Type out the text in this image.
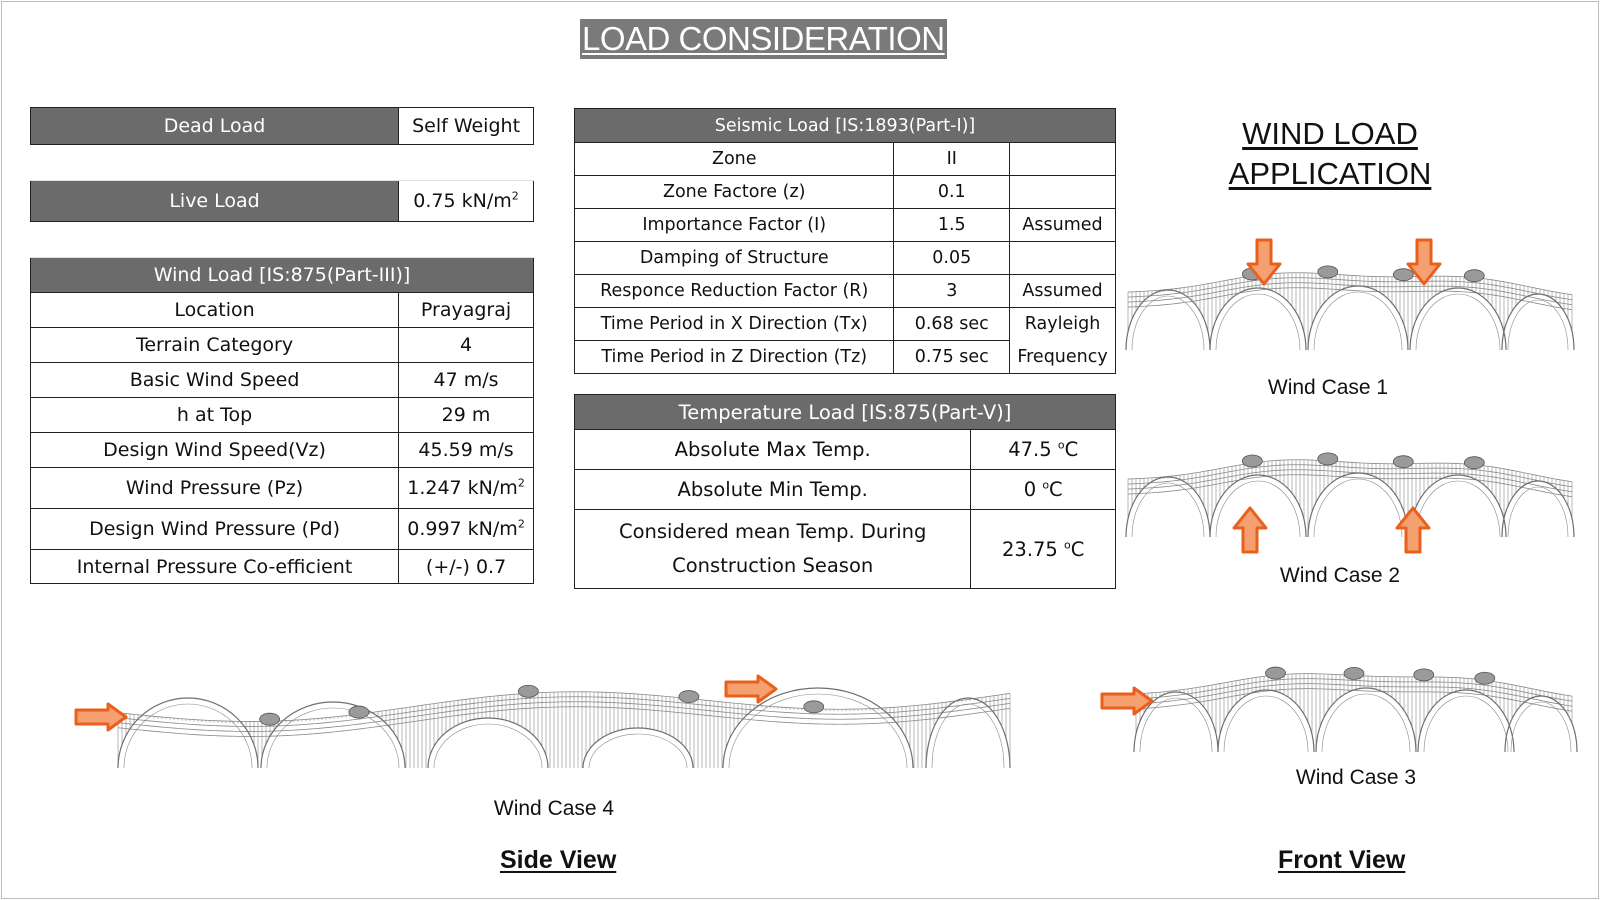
LOAD CONSIDERATION
Dead Load	Self Weight

Live Load	0.75 $kN/m^2$

Wind Load [IS:875(Part-III)]	
Location	Prayagraj
Terrain Category	4
Basic Wind Speed	47 m/s
h at Top	29 m
Design Wind Speed(Vz)	45.59 m/s
Wind Pressure (Pz)	1.247 $kN/m^2$
Design Wind Pressure (Pd)	0.997 $kN/m^2$
Internal Pressure Co-efficient	(+/-) 0.7
Seismic Load [IS:1893(Part-I)]		
Zone	II	
Zone Factore (z)	0.1	
Importance Factor (I)	1.5	Assumed
Damping of Structure	0.05	
Responce Reduction Factor (R)	3	Assumed
Time Period in X Direction (Tx)	0.68 sec	Rayleigh
Time Period in Z Direction (Tz)	0.75 sec	Frequency
Temperature Load [IS:875(Part-V)]	
Absolute Max Temp.	47.5 $^o$C
Absolute Min Temp.	0 $^o$C
Considered mean Temp. During
Construction Season	23.75 $^o$C
WIND LOAD
APPLICATION
Wind Case 1
Wind Case 2
Wind Case 3
Wind Case 4
Side View	Front View
